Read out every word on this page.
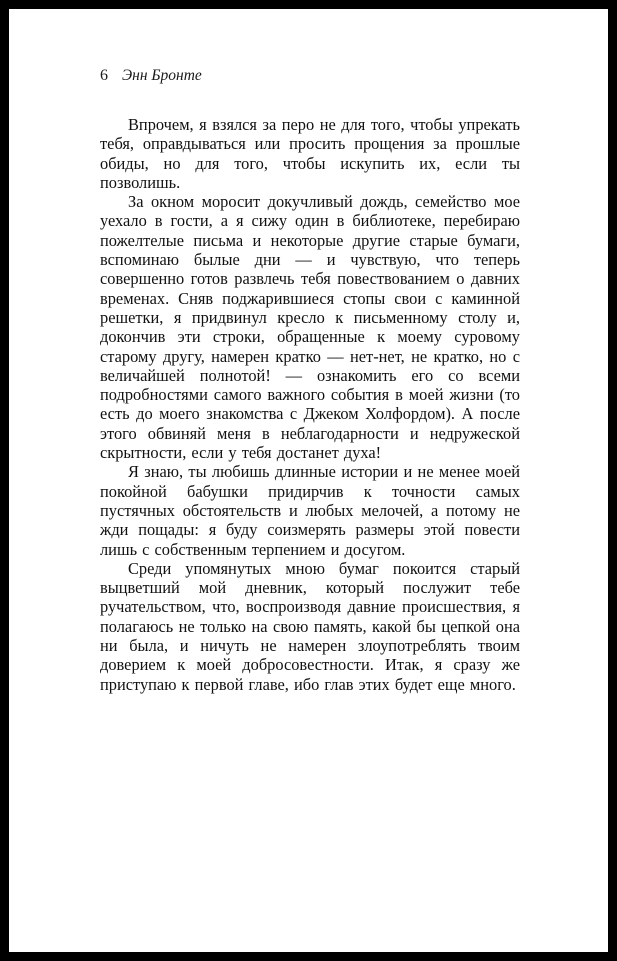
6 Энн Бронте

Впрочем, я взялся за перо не для того, чтобы упрекать тебя, оправдываться или просить прощения за прошлые обиды, но для того, чтобы искупить их, если ты позволишь.

За окном моросит докучливый дождь, семейство мое уехало в гости, а я сижу один в библиотеке, перебираю пожелтелые письма и некоторые другие старые бумаги, вспоминаю былые дни — и чувствую, что теперь совершенно готов развлечь тебя повествованием о давних временах. Сняв поджарившиеся стопы свои с каминной решетки, я придвинул кресло к письменному столу и, докончив эти строки, обращенные к моему суровому старому другу, намерен кратко — нет-нет, не кратко, но с величайшей полнотой! — ознакомить его со всеми подробностями самого важного события в моей жизни (то есть до моего знакомства с Джеком Холфордом). А после этого обвиняй меня в неблагодарности и недружеской скрытности, если у тебя достанет духа!

Я знаю, ты любишь длинные истории и не менее моей покойной бабушки придирчив к точности самых пустячных обстоятельств и любых мелочей, а потому не жди пощады: я буду соизмерять размеры этой повести лишь с собственным терпением и досугом.

Среди упомянутых мною бумаг покоится старый выцветший мой дневник, который послужит тебе ручательством, что, воспроизводя давние происшествия, я полагаюсь не только на свою память, какой бы цепкой она ни была, и ничуть не намерен злоупотреблять твоим доверием к моей добросовестности. Итак, я сразу же приступаю к первой главе, ибо глав этих будет еще много.
